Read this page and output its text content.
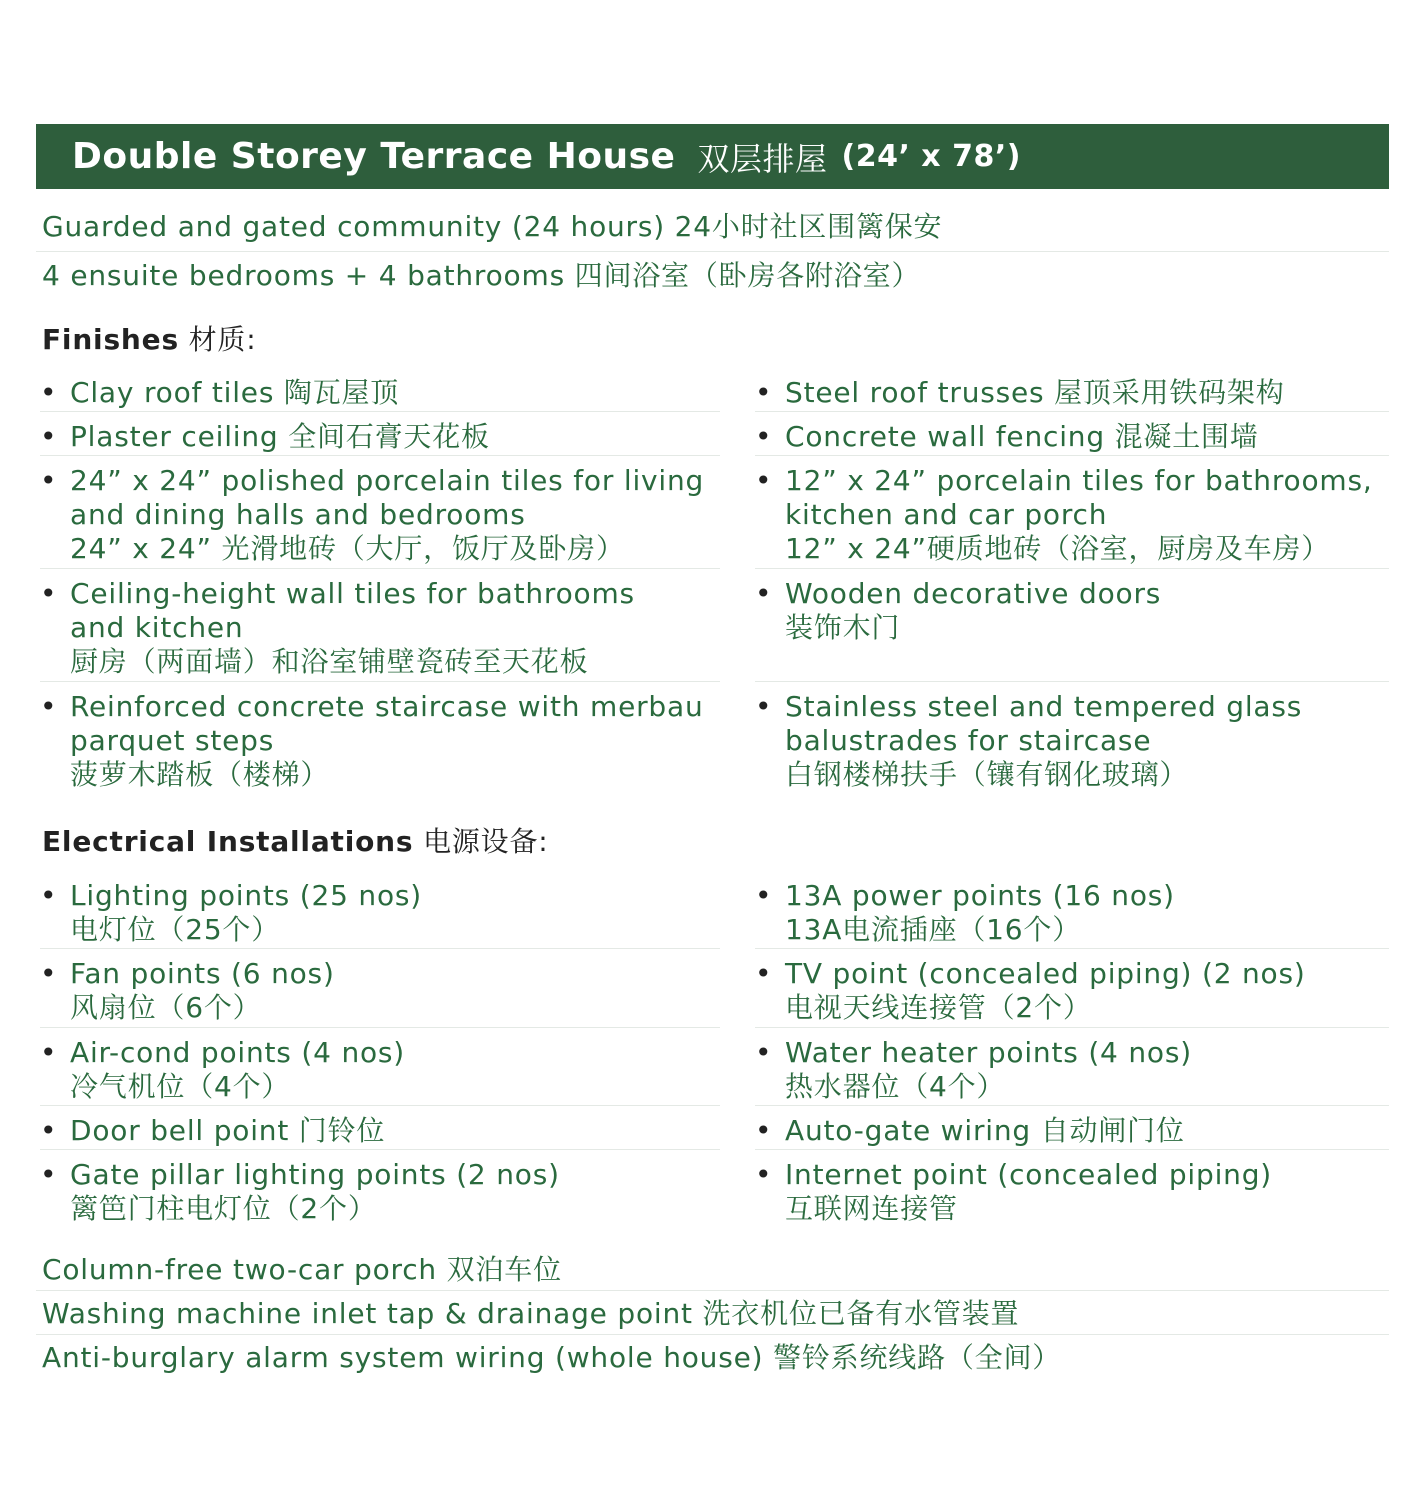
Double Storey Terrace House 双层排屋 (24’ x 78’)
Guarded and gated community (24 hours) 24小时社区围篱保安
4 ensuite bedrooms + 4 bathrooms 四间浴室（卧房各附浴室）
Finishes 材质:
• Clay roof tiles 陶瓦屋顶
• Plaster ceiling 全间石膏天花板
• 24” x 24” polished porcelain tiles for living
and dining halls and bedrooms
24” x 24” 光滑地砖（大厅，饭厅及卧房）
• Ceiling-height wall tiles for bathrooms
and kitchen
厨房（两面墙）和浴室铺壁瓷砖至天花板
• Reinforced concrete staircase with merbau
parquet steps
菠萝木踏板（楼梯）
• Steel roof trusses 屋顶采用铁码架构
• Concrete wall fencing 混凝土围墙
• 12” x 24” porcelain tiles for bathrooms,
kitchen and car porch
12” x 24”硬质地砖（浴室，厨房及车房）
• Wooden decorative doors
装饰木门
• Stainless steel and tempered glass
balustrades for staircase
白钢楼梯扶手（镶有钢化玻璃）
Electrical Installations 电源设备:
• Lighting points (25 nos)
电灯位（25个）
• Fan points (6 nos)
风扇位（6个）
• Air-cond points (4 nos)
冷气机位（4个）
• Door bell point 门铃位
• Gate pillar lighting points (2 nos)
篱笆门柱电灯位（2个）
• 13A power points (16 nos)
13A电流插座（16个）
• TV point (concealed piping) (2 nos)
电视天线连接管（2个）
• Water heater points (4 nos)
热水器位（4个）
• Auto-gate wiring 自动闸门位
• Internet point (concealed piping)
互联网连接管
Column-free two-car porch 双泊车位
Washing machine inlet tap & drainage point 洗衣机位已备有水管装置
Anti-burglary alarm system wiring (whole house) 警铃系统线路（全间）
